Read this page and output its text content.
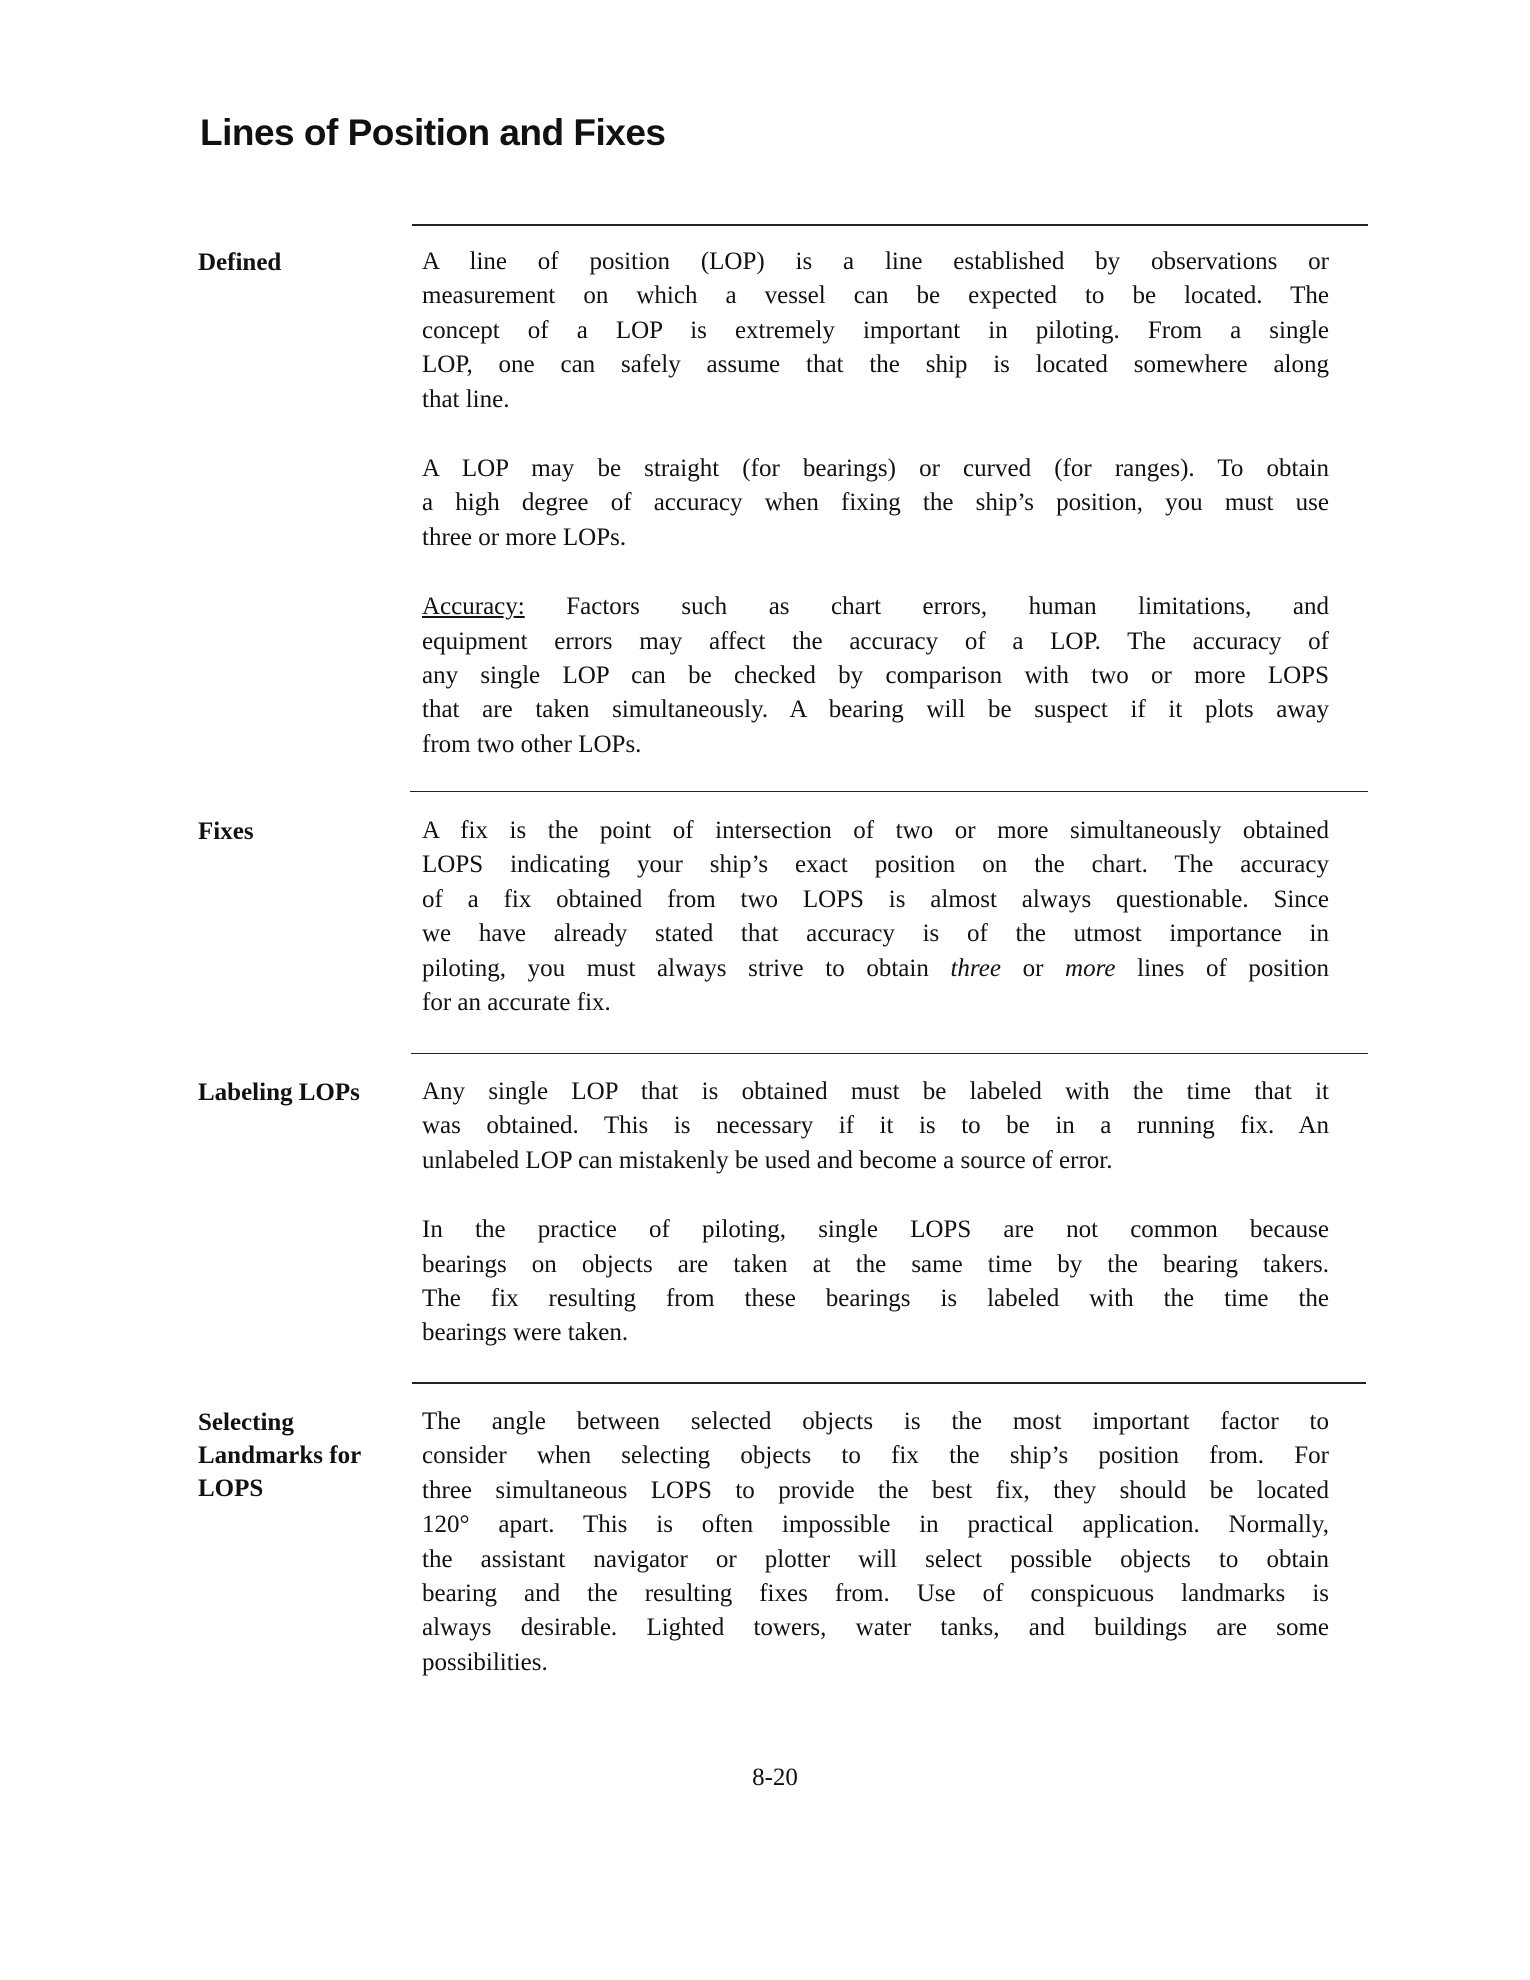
Lines of Position and Fixes
Defined	A line of position (LOP) is a line established by observations or
measurement on which a vessel can be expected to be located. The
concept of a LOP is extremely important in piloting. From a single
LOP, one can safely assume that the ship is located somewhere along
that line.
A LOP may be straight (for bearings) or curved (for ranges). To obtain
a high degree of accuracy when fixing the ship’s position, you must use
three or more LOPs.
Accuracy: Factors such as chart errors, human limitations, and
equipment errors may affect the accuracy of a LOP. The accuracy of
any single LOP can be checked by comparison with two or more LOPS
that are taken simultaneously. A bearing will be suspect if it plots away
from two other LOPs.
Fixes	A fix is the point of intersection of two or more simultaneously obtained
LOPS indicating your ship’s exact position on the chart. The accuracy
of a fix obtained from two LOPS is almost always questionable. Since
we have already stated that accuracy is of the utmost importance in
piloting, you must always strive to obtain three or more lines of position
for an accurate fix.
Labeling LOPs Any single LOP that is obtained must be labeled with the time that it
was obtained. This is necessary if it is to be in a running fix. An
unlabeled LOP can mistakenly be used and become a source of error.
In the practice of piloting, single LOPS are not common because
bearings on objects are taken at the same time by the bearing takers.
The fix resulting from these bearings is labeled with the time the
bearings were taken.
Selecting
Landmarks for
LOPS
The angle between selected objects is the most important factor to
consider when selecting objects to fix the ship’s position from. For
three simultaneous LOPS to provide the best fix, they should be located
120° apart. This is often impossible in practical application. Normally,
the assistant navigator or plotter will select possible objects to obtain
bearing and the resulting fixes from. Use of conspicuous landmarks is
always desirable. Lighted towers, water tanks, and buildings are some
possibilities.
8-20
